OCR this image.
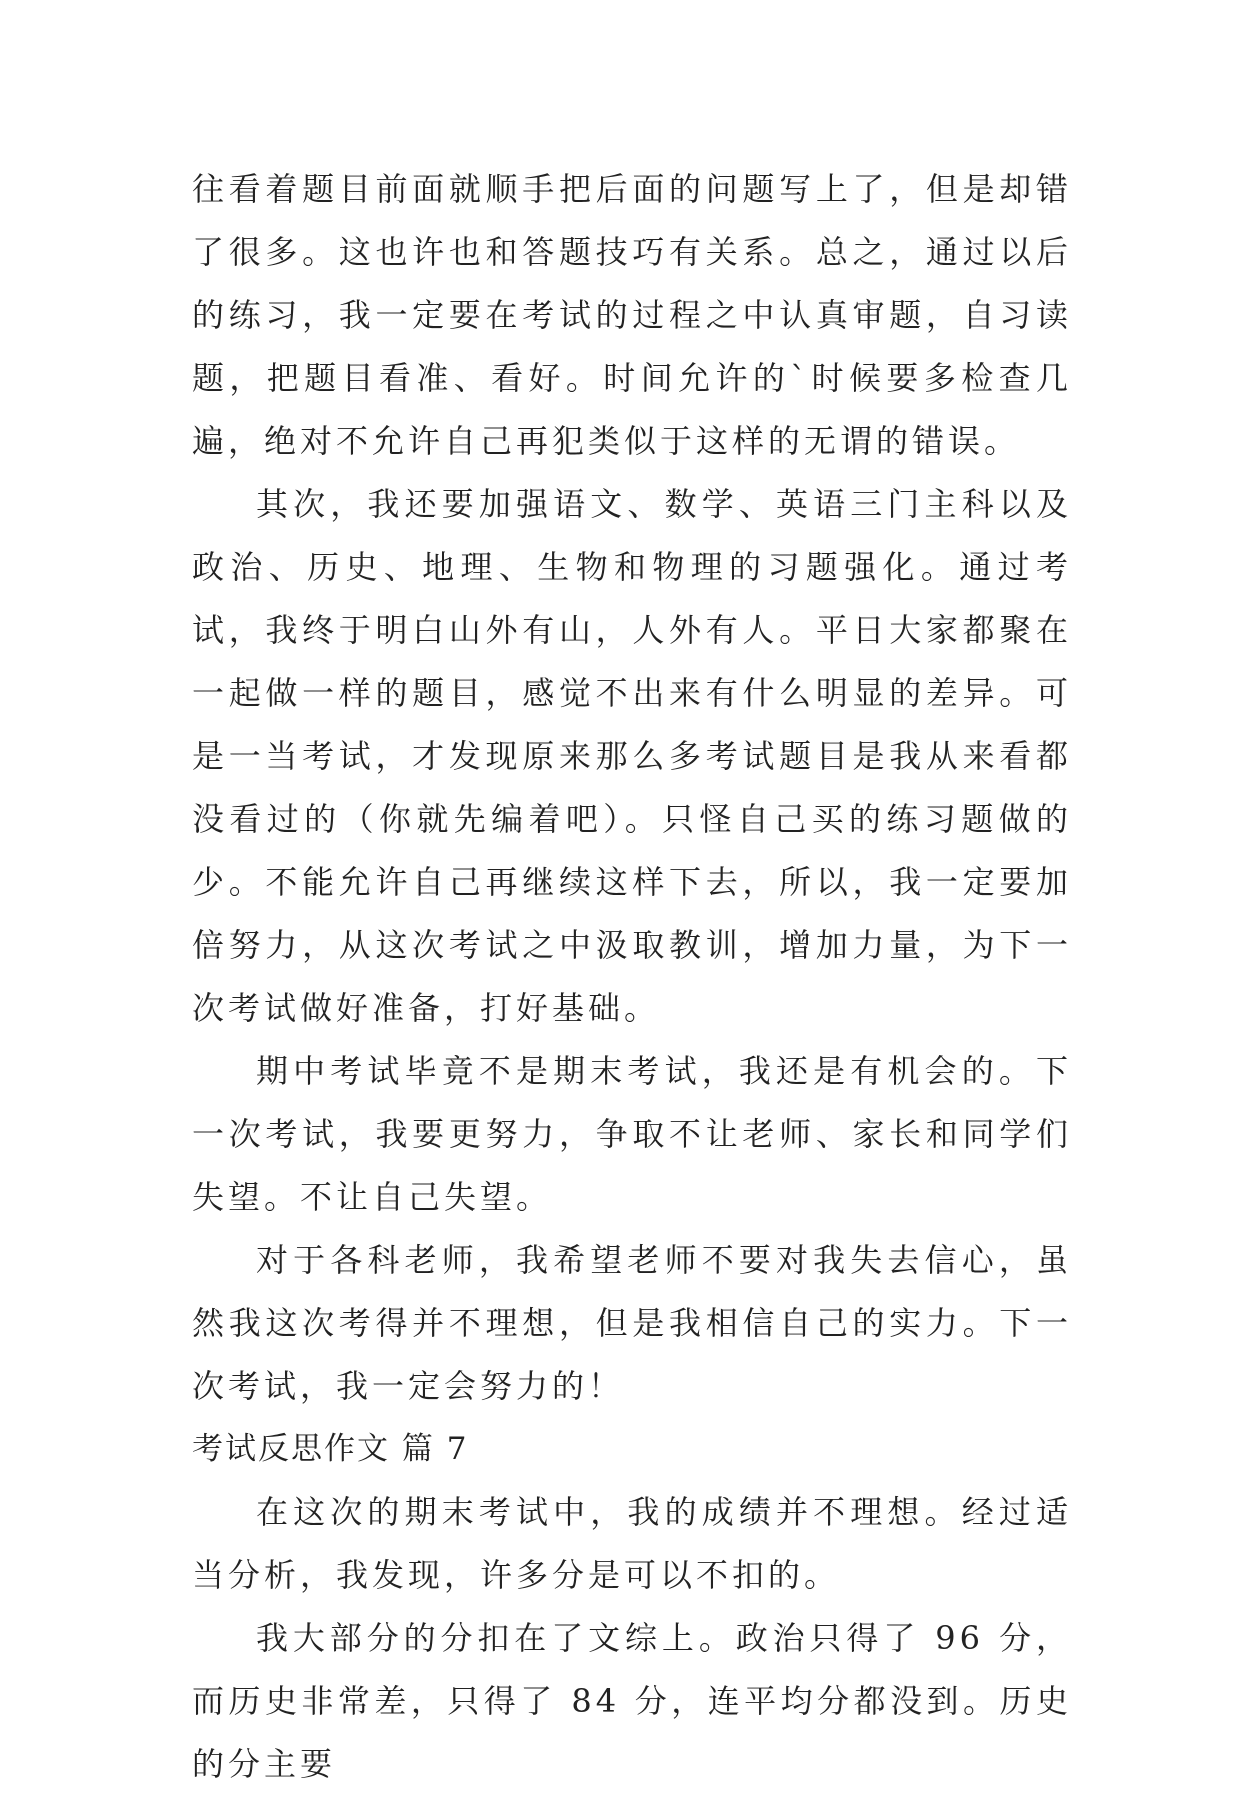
往看着题目前面就顺手把后面的问题写上了，但是却错了很多。这也许也和答题技巧有关系。总之，通过以后的练习，我一定要在考试的过程之中认真审题，自习读题，把题目看准、看好。时间允许的`时候要多检查几遍，绝对不允许自己再犯类似于这样的无谓的错误。

其次，我还要加强语文、数学、英语三门主科以及政治、历史、地理、生物和物理的习题强化。通过考试，我终于明白山外有山，人外有人。平日大家都聚在一起做一样的题目，感觉不出来有什么明显的差异。可是一当考试，才发现原来那么多考试题目是我从来看都没看过的（你就先编着吧）。只怪自己买的练习题做的少。不能允许自己再继续这样下去，所以，我一定要加倍努力，从这次考试之中汲取教训，增加力量，为下一次考试做好准备，打好基础。

期中考试毕竟不是期末考试，我还是有机会的。下一次考试，我要更努力，争取不让老师、家长和同学们失望。不让自己失望。

对于各科老师，我希望老师不要对我失去信心，虽然我这次考得并不理想，但是我相信自己的实力。下一次考试，我一定会努力的！

考试反思作文 篇 7

在这次的期末考试中，我的成绩并不理想。经过适当分析，我发现，许多分是可以不扣的。

我大部分的分扣在了文综上。政治只得了 96 分，而历史非常差，只得了 84 分，连平均分都没到。历史的分主要
